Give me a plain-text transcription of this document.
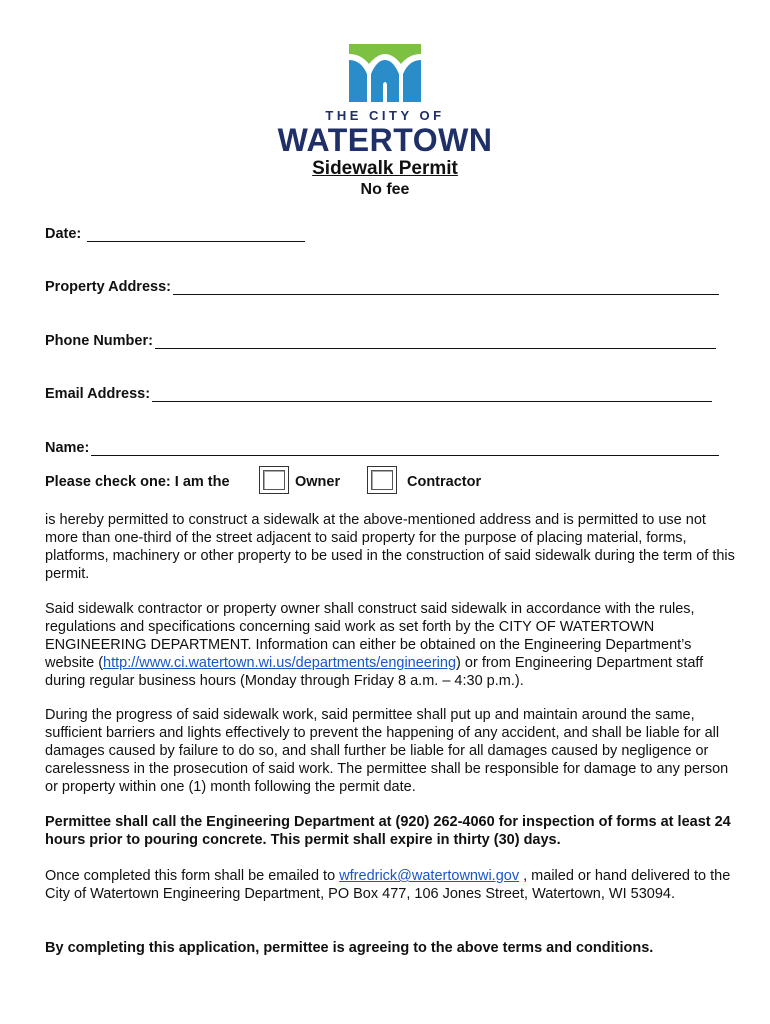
THE CITY OF
WATERTOWN
Sidewalk Permit
No fee
Date:
Property Address:
Phone Number:
Email Address:
Name:
Please check one: I am the	Owner	Contractor
is hereby permitted to construct a sidewalk at the above-mentioned address and is permitted to use not more than one-third of the street adjacent to said property for the purpose of placing material, forms, platforms, machinery or other property to be used in the construction of said sidewalk during the term of this permit.
Said sidewalk contractor or property owner shall construct said sidewalk in accordance with the rules, regulations and specifications concerning said work as set forth by the CITY OF WATERTOWN ENGINEERING DEPARTMENT. Information can either be obtained on the Engineering Department’s website (http://www.ci.watertown.wi.us/departments/engineering) or from Engineering Department staff during regular business hours (Monday through Friday 8 a.m. – 4:30 p.m.).
During the progress of said sidewalk work, said permittee shall put up and maintain around the same, sufficient barriers and lights effectively to prevent the happening of any accident, and shall be liable for all damages caused by failure to do so, and shall further be liable for all damages caused by negligence or carelessness in the prosecution of said work. The permittee shall be responsible for damage to any person or property within one (1) month following the permit date.
Permittee shall call the Engineering Department at (920) 262-4060 for inspection of forms at least 24 hours prior to pouring concrete. This permit shall expire in thirty (30) days.
Once completed this form shall be emailed to wfredrick@watertownwi.gov , mailed or hand delivered to the City of Watertown Engineering Department, PO Box 477, 106 Jones Street, Watertown, WI 53094.
By completing this application, permittee is agreeing to the above terms and conditions.
